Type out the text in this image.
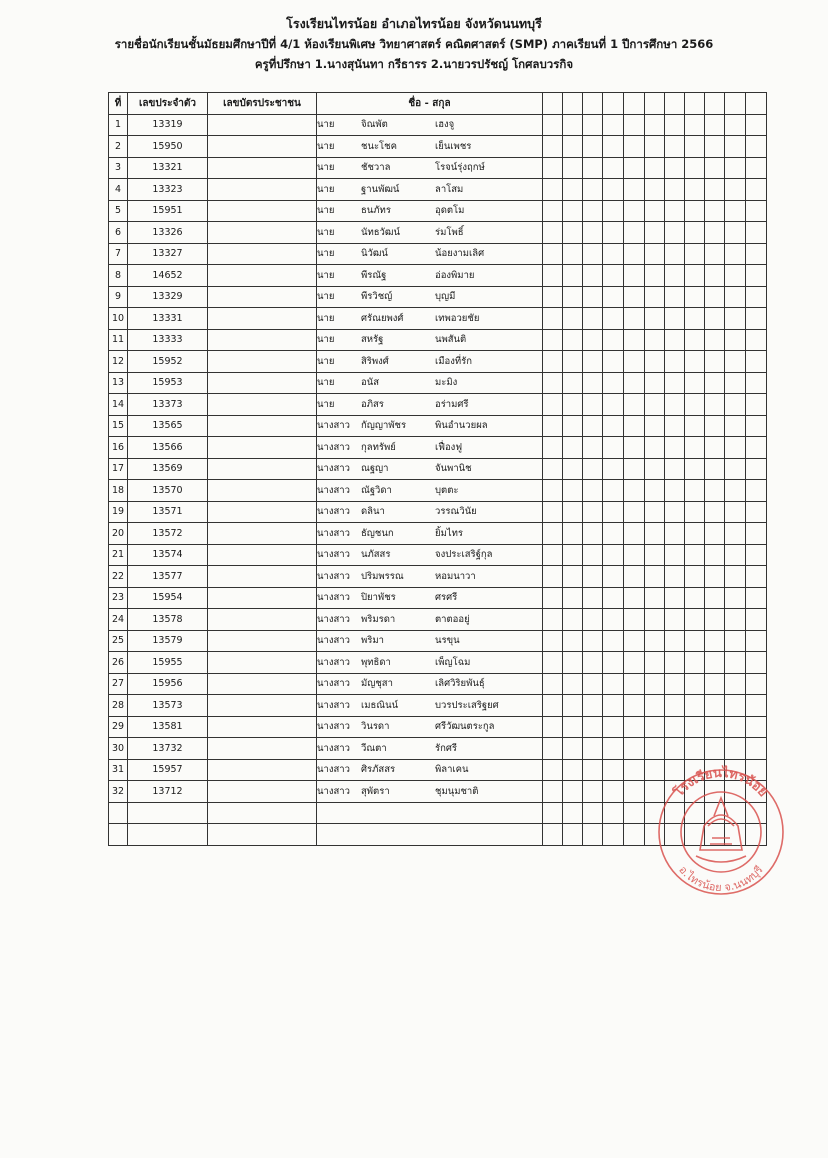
โรงเรียนไทรน้อย อำเภอไทรน้อย จังหวัดนนทบุรี
รายชื่อนักเรียนชั้นมัธยมศึกษาปีที่ 4/1 ห้องเรียนพิเศษ วิทยาศาสตร์ คณิตศาสตร์ (SMP) ภาคเรียนที่ 1 ปีการศึกษา 2566
ครูที่ปรึกษา 1.นางสุนันทา กรีธารร 2.นายวรปรัชญ์ โกศลบวรกิจ
ที่	เลขประจำตัว	เลขบัตรประชาชน	ชื่อ - สกุล											
1	13319		นาย จิณพัต เฮงจู											
2	15950		นาย ชนะโชค เย็นเพชร											
3	13321		นาย ชัชวาล โรจน์รุ่งฤกษ์											
4	13323		นาย ฐานพัฒน์ ลาโสม											
5	15951		นาย ธนภัทร อุดตโม											
6	13326		นาย นัทธวัฒน์ ร่มโพธิ์											
7	13327		นาย นิวัฒน์ น้อยงามเลิศ											
8	14652		นาย พีรณัฐ อ่องพิมาย											
9	13329		นาย พีรวิชญ์ บุญมี											
10	13331		นาย ศรัณยพงศ์ เทพอวยชัย											
11	13333		นาย สหรัฐ นพสันติ											
12	15952		นาย สิริพงศ์ เมืองที่รัก											
13	15953		นาย อนัส มะมิง											
14	13373		นาย อภิสร อร่ามศรี											
15	13565		นางสาว กัญญาพัชร พินอำนวยผล											
16	13566		นางสาว กุลทรัพย์ เฟื่องฟู											
17	13569		นางสาว ณฐญา จันพานิช											
18	13570		นางสาว ณัฐวิดา บุตตะ											
19	13571		นางสาว ดลินา วรรณวินัย											
20	13572		นางสาว ธัญชนก ยิ้มไทร											
21	13574		นางสาว นภัสสร จงประเสริฐ์กุล											
22	13577		นางสาว ปริมพรรณ หอมนาวา											
23	15954		นางสาว ปิยาพัชร ศรศรี											
24	13578		นางสาว พริมรดา ตาตออยู่											
25	13579		นางสาว พริมา นรขุน											
26	15955		นางสาว พุทธิดา เพ็ญโฉม											
27	15956		นางสาว มัญชุสา เลิศวิริยพันธุ์											
28	13573		นางสาว เมธณินน์ บวรประเสริฐยศ											
29	13581		นางสาว วินรดา ศรีวัฒนตระกูล											
30	13732		นางสาว วีณตา รักศรี											
31	15957		นางสาว ศิรภัสสร พิลาเคน											
32	13712		นางสาว สุพัตรา ชุมนุมชาติ											

															โรงเรียนไทรน้อย
อ.ไทรน้อย จ.นนทบุรี
